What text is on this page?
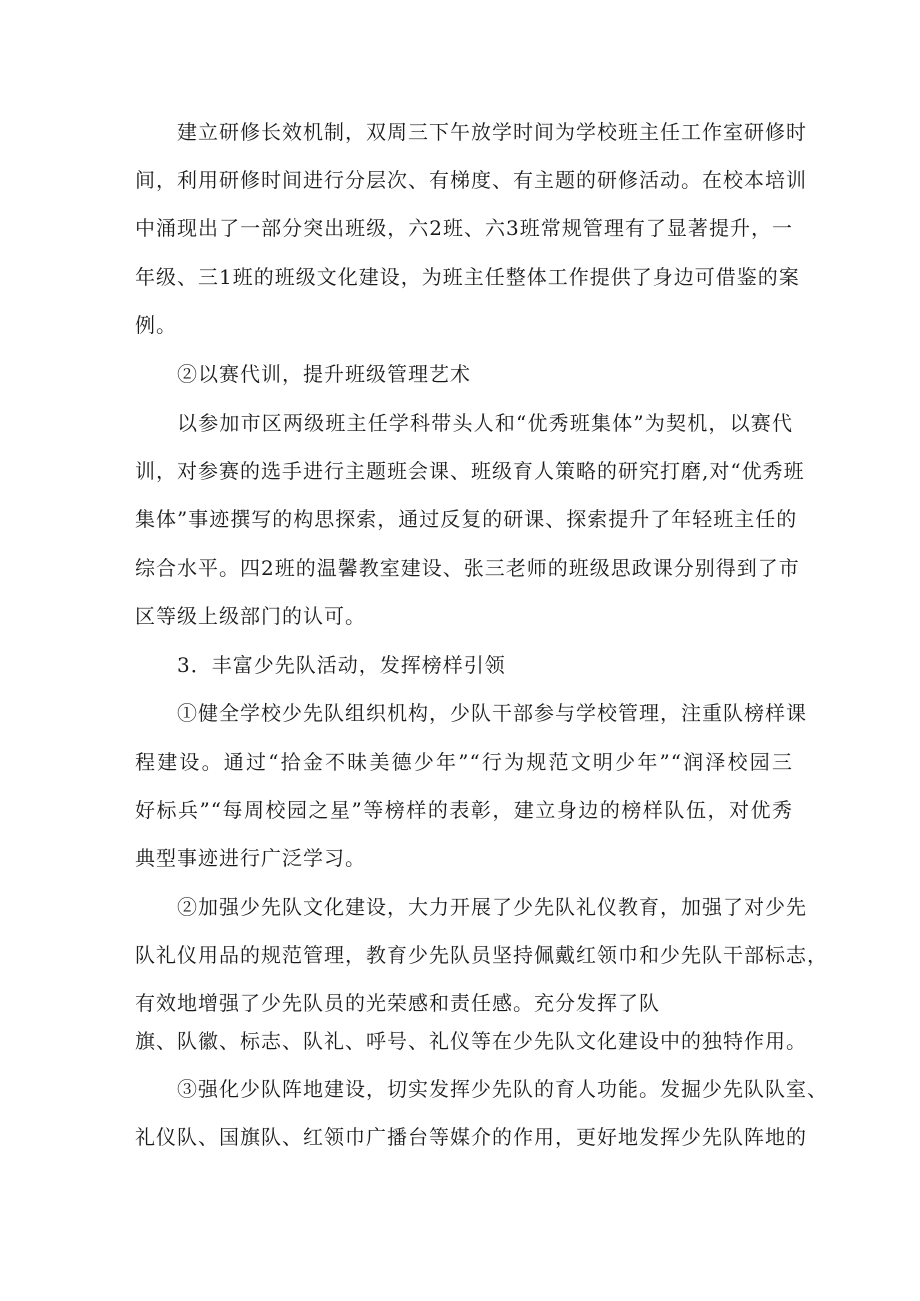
建立研修长效机制，双周三下午放学时间为学校班主任工作室研修时
间，利用研修时间进行分层次、有梯度、有主题的研修活动。在校本培训
中涌现出了一部分突出班级，六2班、六3班常规管理有了显著提升，一
年级、三1班的班级文化建设，为班主任整体工作提供了身边可借鉴的案
例。
②以赛代训，提升班级管理艺术
以参加市区两级班主任学科带头人和“优秀班集体”为契机，以赛代
训，对参赛的选手进行主题班会课、班级育人策略的研究打磨,对“优秀班
集体”事迹撰写的构思探索，通过反复的研课、探索提升了年轻班主任的
综合水平。四2班的温馨教室建设、张三老师的班级思政课分别得到了市
区等级上级部门的认可。
3．丰富少先队活动，发挥榜样引领
①健全学校少先队组织机构，少队干部参与学校管理，注重队榜样课
程建设。通过“拾金不昧美德少年”“行为规范文明少年”“润泽校园三
好标兵”“每周校园之星”等榜样的表彰，建立身边的榜样队伍，对优秀
典型事迹进行广泛学习。
②加强少先队文化建设，大力开展了少先队礼仪教育，加强了对少先
队礼仪用品的规范管理，教育少先队员坚持佩戴红领巾和少先队干部标志，
有效地增强了少先队员的光荣感和责任感。充分发挥了队
旗、队徽、标志、队礼、呼号、礼仪等在少先队文化建设中的独特作用。
③强化少队阵地建设，切实发挥少先队的育人功能。发掘少先队队室、
礼仪队、国旗队、红领巾广播台等媒介的作用，更好地发挥少先队阵地的
